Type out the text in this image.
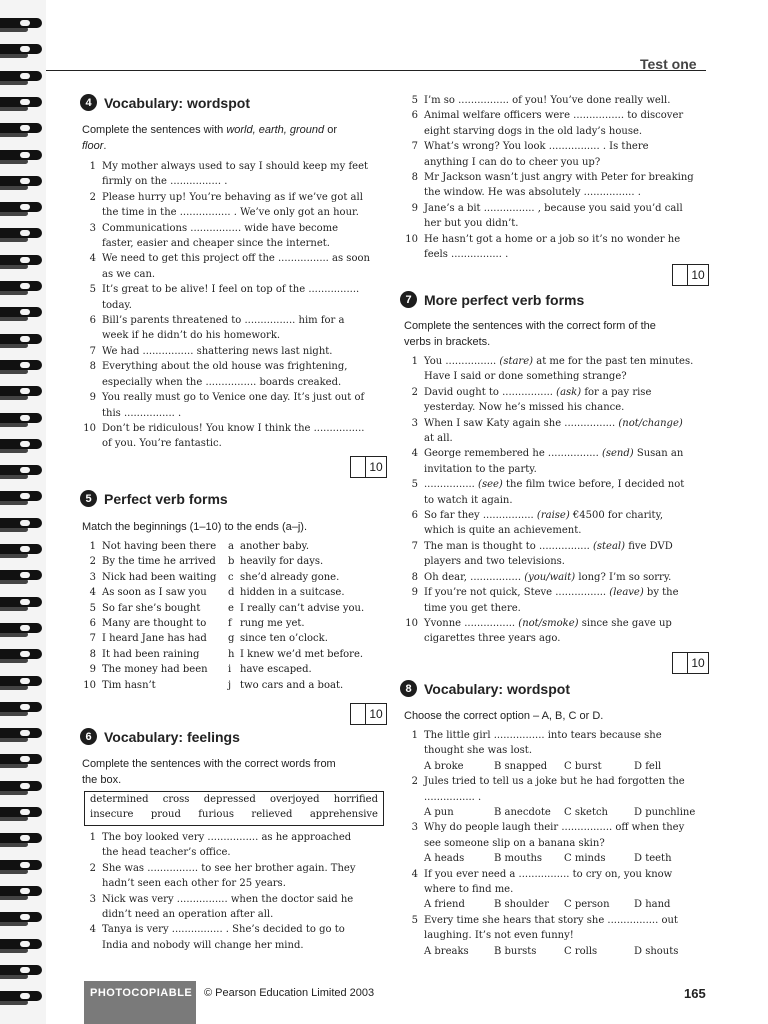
Test one
4 Vocabulary: wordspot
Complete the sentences with world, earth, ground or
floor.
1 My mother always used to say I should keep my feet
firmly on the ................ .
2 Please hurry up! You’re behaving as if we’ve got all
the time in the ................ . We’ve only got an hour.
3 Communications ................ wide have become
faster, easier and cheaper since the internet.
4 We need to get this project off the ................ as soon
as we can.
5 It’s great to be alive! I feel on top of the ................
today.
6 Bill’s parents threatened to ................ him for a
week if he didn’t do his homework.
7 We had ................ shattering news last night.
8 Everything about the old house was frightening,
especially when the ................ boards creaked.
9 You really must go to Venice one day. It’s just out of
this ................ .
10 Don’t be ridiculous! You know I think the ................
of you. You’re fantastic.
10
5 Perfect verb forms
Match the beginnings (1–10) to the ends (a–j).
1 Not having been there a another baby.
2 By the time he arrived b heavily for days.
3 Nick had been waiting c she’d already gone.
4 As soon as I saw you d hidden in a suitcase.
5 So far she’s bought	e I really can’t advise you.
6 Many are thought to f rung me yet.
7 I heard Jane has had g since ten o’clock.
8 It had been raining	h I knew we’d met before.
9 The money had been i have escaped.
10 Tim hasn’t	j two cars and a boat.
10
6 Vocabulary: feelings
Complete the sentences with the correct words from
the box.
determined cross depressed overjoyed horrified
insecure proud furious relieved apprehensive
1 The boy looked very ................ as he approached
the head teacher’s office.
2 She was ................ to see her brother again. They
hadn’t seen each other for 25 years.
3 Nick was very ................ when the doctor said he
didn’t need an operation after all.
4 Tanya is very ................ . She’s decided to go to
India and nobody will change her mind.
5 I’m so ................ of you! You’ve done really well.
6 Animal welfare officers were ................ to discover
eight starving dogs in the old lady’s house.
7 What’s wrong? You look ................ . Is there
anything I can do to cheer you up?
8 Mr Jackson wasn’t just angry with Peter for breaking
the window. He was absolutely ................ .
9 Jane’s a bit ................ , because you said you’d call
her but you didn’t.
10 He hasn’t got a home or a job so it’s no wonder he
feels ................ .
10
7 More perfect verb forms
Complete the sentences with the correct form of the
verbs in brackets.
1 You ................ (stare) at me for the past ten minutes.
Have I said or done something strange?
2 David ought to ................ (ask) for a pay rise
yesterday. Now he’s missed his chance.
3 When I saw Katy again she ................ (not/change)
at all.
4 George remembered he ................ (send) Susan an
invitation to the party.
5 ................ (see) the film twice before, I decided not
to watch it again.
6 So far they ................ (raise) €4500 for charity,
which is quite an achievement.
7 The man is thought to ................ (steal) five DVD
players and two televisions.
8 Oh dear, ................ (you/wait) long? I’m so sorry.
9 If you’re not quick, Steve ................ (leave) by the
time you get there.
10 Yvonne ................ (not/smoke) since she gave up
cigarettes three years ago.
10
8 Vocabulary: wordspot
Choose the correct option – A, B, C or D.
1 The little girl ................ into tears because she
thought she was lost.
A broke	B snapped	C burst	D fell
2 Jules tried to tell us a joke but he had forgotten the
................ .
A pun	B anecdote	C sketch	D punchline
3 Why do people laugh their ................ off when they
see someone slip on a banana skin?
A heads	B mouths	C minds	D teeth
4 If you ever need a ................ to cry on, you know
where to find me.
A friend	B shoulder	C person	D hand
5 Every time she hears that story she ................ out
laughing. It’s not even funny!
A breaks	B bursts	C rolls	D shouts
PHOTOCOPIABLE © Pearson Education Limited 2003	165
